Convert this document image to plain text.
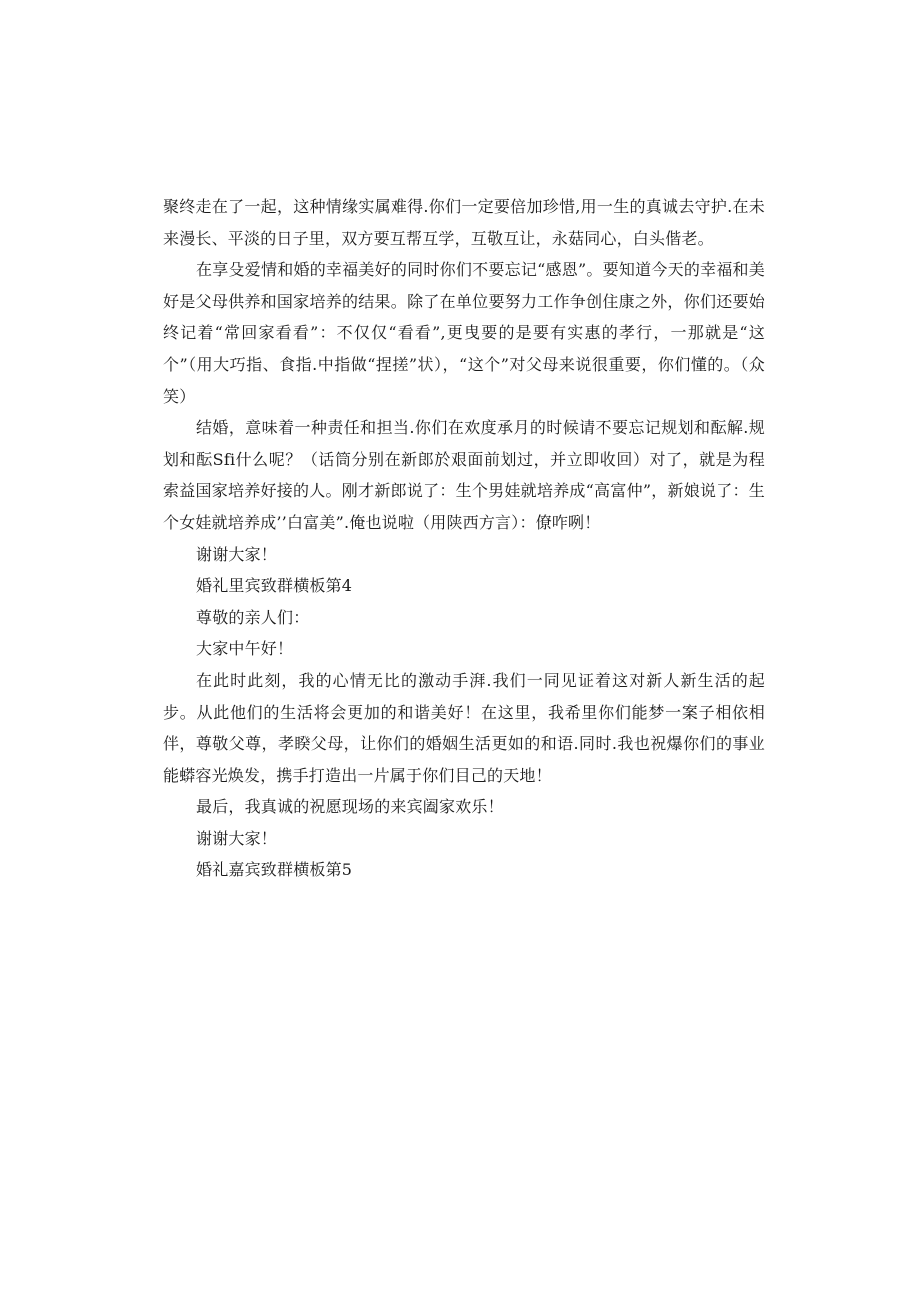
聚终走在了一起，这种情缘实属难得.你们一定要倍加珍惜,用一生的真诚去守护.在未来漫长、平淡的日子里，双方要互帮互学，互敬互让，永菇同心，白头偕老。

在享殳爱情和婚的幸福美好的同时你们不要忘记“感恩”。要知道今天的幸福和美好是父母供养和国家培养的结果。除了在单位要努力工作争创住康之外，你们还要始终记着“常回家看看”：不仅仅“看看”,更曳要的是要有实惠的孝行，一那就是“这个”（用大巧指、食指.中指做“捏搓”状），“这个”对父母来说很重要，你们懂的。（众笑）

结婚，意味着一种责任和担当.你们在欢度承月的时候请不要忘记规划和酝解.规划和酝Sfi什么呢？（话筒分别在新郎於艰面前划过，并立即收回）对了，就是为程索益国家培养好接的人。刚才新郎说了：生个男娃就培养成“高富仲”，新娘说了：生个女娃就培养成’’白富美”.俺也说啦（用陕西方言）：僚咋咧！

谢谢大家！

婚礼里宾致群横板第4

尊敬的亲人们：

大家中午好！

在此时此刻，我的心情无比的激动手湃.我们一同见证着这对新人新生活的起步。从此他们的生活将会更加的和谐美好！在这里，我希里你们能梦一案子相依相伴，尊敬父尊，孝睽父母，让你们的婚姻生活更如的和语.同时.我也祝爆你们的事业能蟒容光焕发，携手打造出一片属于你们目己的天地！

最后，我真诚的祝愿现场的来宾阖家欢乐！

谢谢大家！

婚礼嘉宾致群横板第5
